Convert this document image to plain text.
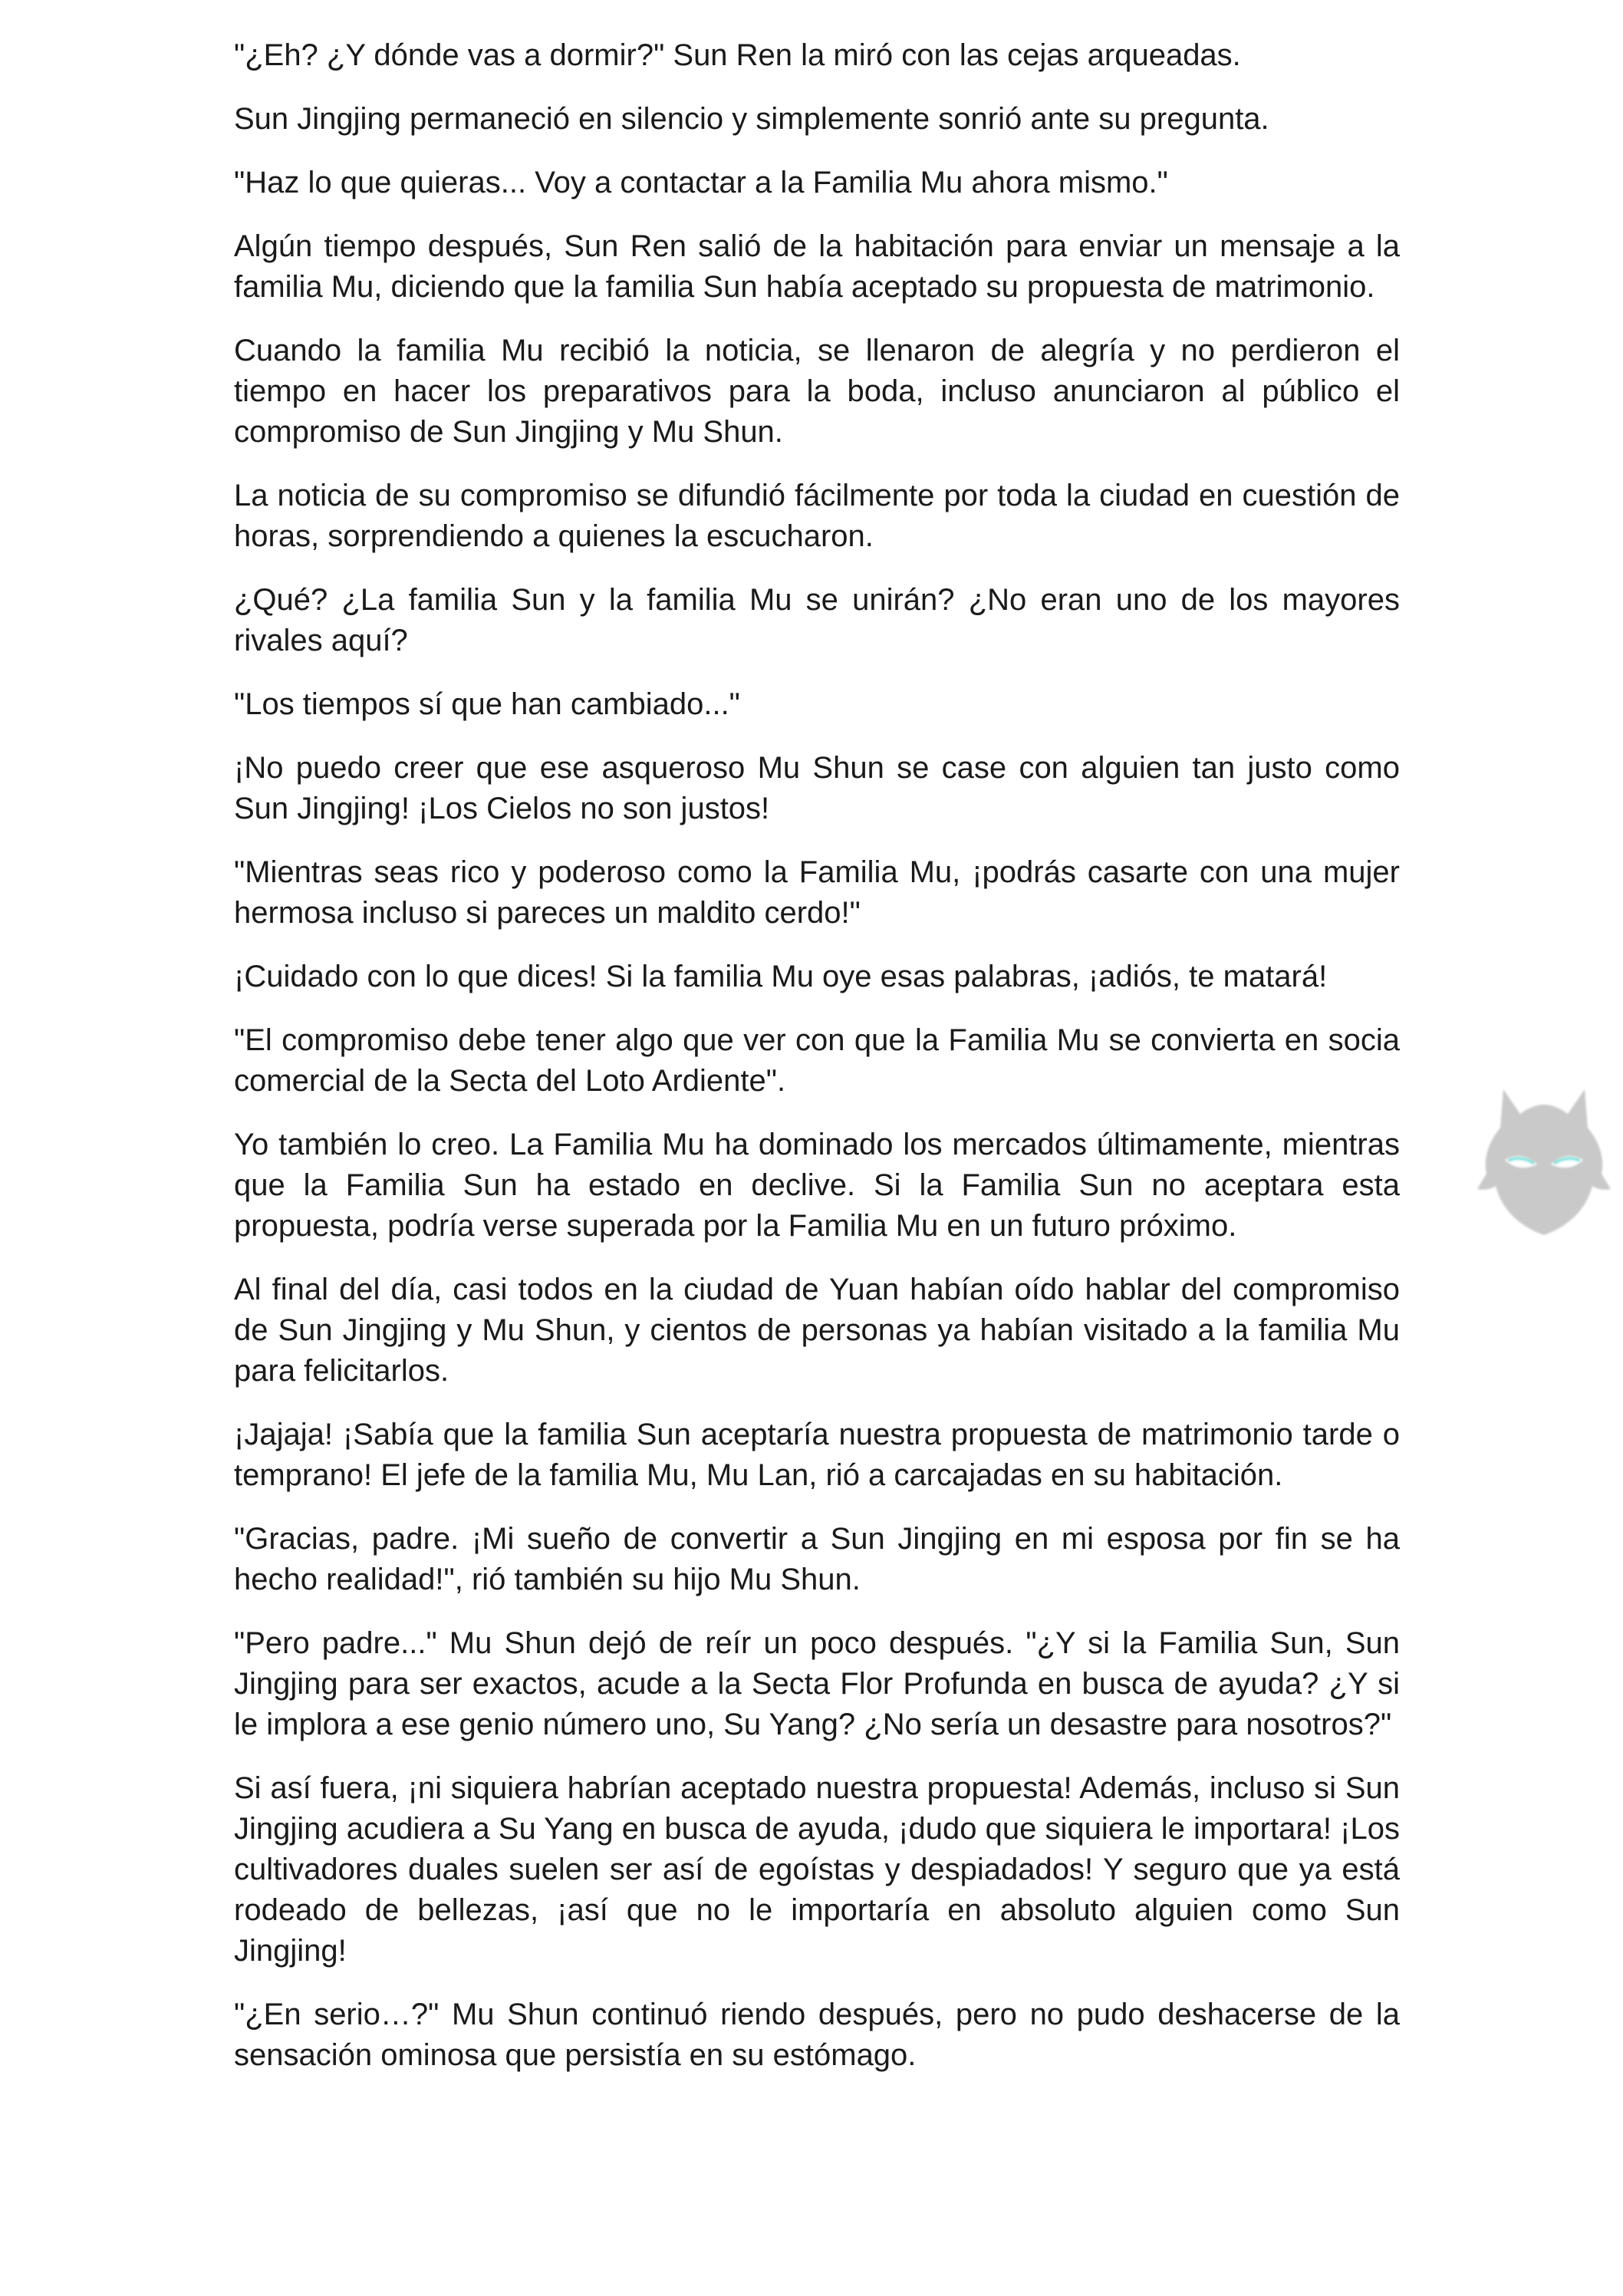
"¿Eh? ¿Y dónde vas a dormir?" Sun Ren la miró con las cejas arqueadas.

Sun Jingjing permaneció en silencio y simplemente sonrió ante su pregunta.

"Haz lo que quieras... Voy a contactar a la Familia Mu ahora mismo."

Algún tiempo después, Sun Ren salió de la habitación para enviar un mensaje a la familia Mu, diciendo que la familia Sun había aceptado su propuesta de matrimonio.

Cuando la familia Mu recibió la noticia, se llenaron de alegría y no perdieron el tiempo en hacer los preparativos para la boda, incluso anunciaron al público el compromiso de Sun Jingjing y Mu Shun.

La noticia de su compromiso se difundió fácilmente por toda la ciudad en cuestión de horas, sorprendiendo a quienes la escucharon.

¿Qué? ¿La familia Sun y la familia Mu se unirán? ¿No eran uno de los mayores rivales aquí?

"Los tiempos sí que han cambiado..."

¡No puedo creer que ese asqueroso Mu Shun se case con alguien tan justo como Sun Jingjing! ¡Los Cielos no son justos!

"Mientras seas rico y poderoso como la Familia Mu, ¡podrás casarte con una mujer hermosa incluso si pareces un maldito cerdo!"

¡Cuidado con lo que dices! Si la familia Mu oye esas palabras, ¡adiós, te matará!

"El compromiso debe tener algo que ver con que la Familia Mu se convierta en socia comercial de la Secta del Loto Ardiente".

Yo también lo creo. La Familia Mu ha dominado los mercados últimamente, mientras que la Familia Sun ha estado en declive. Si la Familia Sun no aceptara esta propuesta, podría verse superada por la Familia Mu en un futuro próximo.

Al final del día, casi todos en la ciudad de Yuan habían oído hablar del compromiso de Sun Jingjing y Mu Shun, y cientos de personas ya habían visitado a la familia Mu para felicitarlos.

¡Jajaja! ¡Sabía que la familia Sun aceptaría nuestra propuesta de matrimonio tarde o temprano! El jefe de la familia Mu, Mu Lan, rió a carcajadas en su habitación.

"Gracias, padre. ¡Mi sueño de convertir a Sun Jingjing en mi esposa por fin se ha hecho realidad!", rió también su hijo Mu Shun.

"Pero padre..." Mu Shun dejó de reír un poco después. "¿Y si la Familia Sun, Sun Jingjing para ser exactos, acude a la Secta Flor Profunda en busca de ayuda? ¿Y si le implora a ese genio número uno, Su Yang? ¿No sería un desastre para nosotros?"

Si así fuera, ¡ni siquiera habrían aceptado nuestra propuesta! Además, incluso si Sun Jingjing acudiera a Su Yang en busca de ayuda, ¡dudo que siquiera le importara! ¡Los cultivadores duales suelen ser así de egoístas y despiadados! Y seguro que ya está rodeado de bellezas, ¡así que no le importaría en absoluto alguien como Sun Jingjing!

"¿En serio…?" Mu Shun continuó riendo después, pero no pudo deshacerse de la sensación ominosa que persistía en su estómago.
